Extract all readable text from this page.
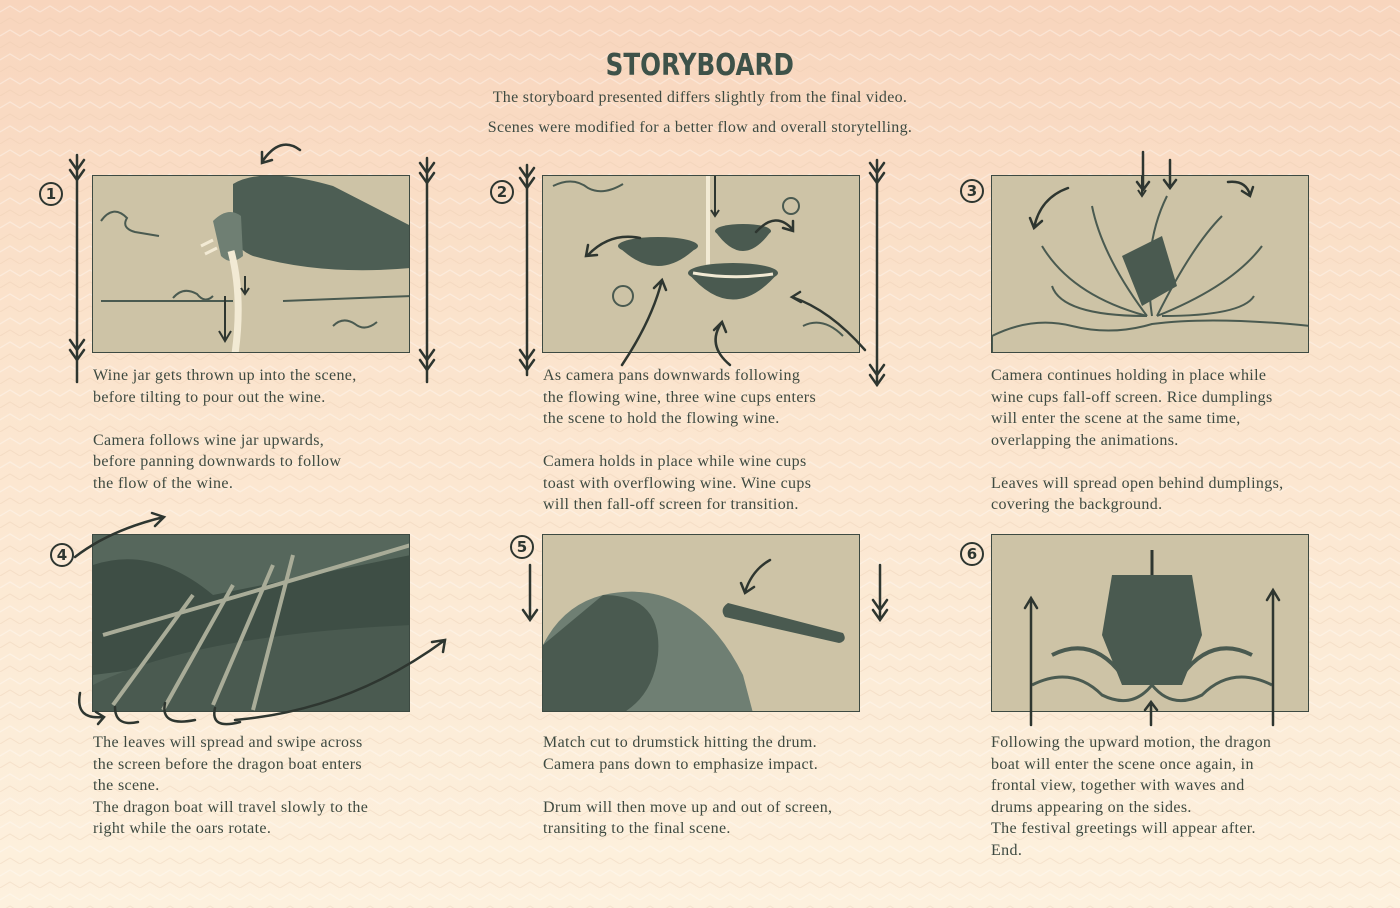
STORYBOARD

The storyboard presented differs slightly from the final video.

Scenes were modified for a better flow and overall storytelling.

1	2	3
4	5	6
Wine jar gets thrown up into the scene,
before tilting to pour out the wine.

Camera follows wine jar upwards,
before panning downwards to follow
the flow of the wine.
As camera pans downwards following
the flowing wine, three wine cups enters
the scene to hold the flowing wine.

Camera holds in place while wine cups
toast with overflowing wine. Wine cups
will then fall-off screen for transition.
Camera continues holding in place while
wine cups fall-off screen. Rice dumplings
will enter the scene at the same time,
overlapping the animations.

Leaves will spread open behind dumplings,
covering the background.
The leaves will spread and swipe across
the screen before the dragon boat enters
the scene.
The dragon boat will travel slowly to the
right while the oars rotate.
Match cut to drumstick hitting the drum.
Camera pans down to emphasize impact.

Drum will then move up and out of screen,
transiting to the final scene.
Following the upward motion, the dragon
boat will enter the scene once again, in
frontal view, together with waves and
drums appearing on the sides.
The festival greetings will appear after.
End.
